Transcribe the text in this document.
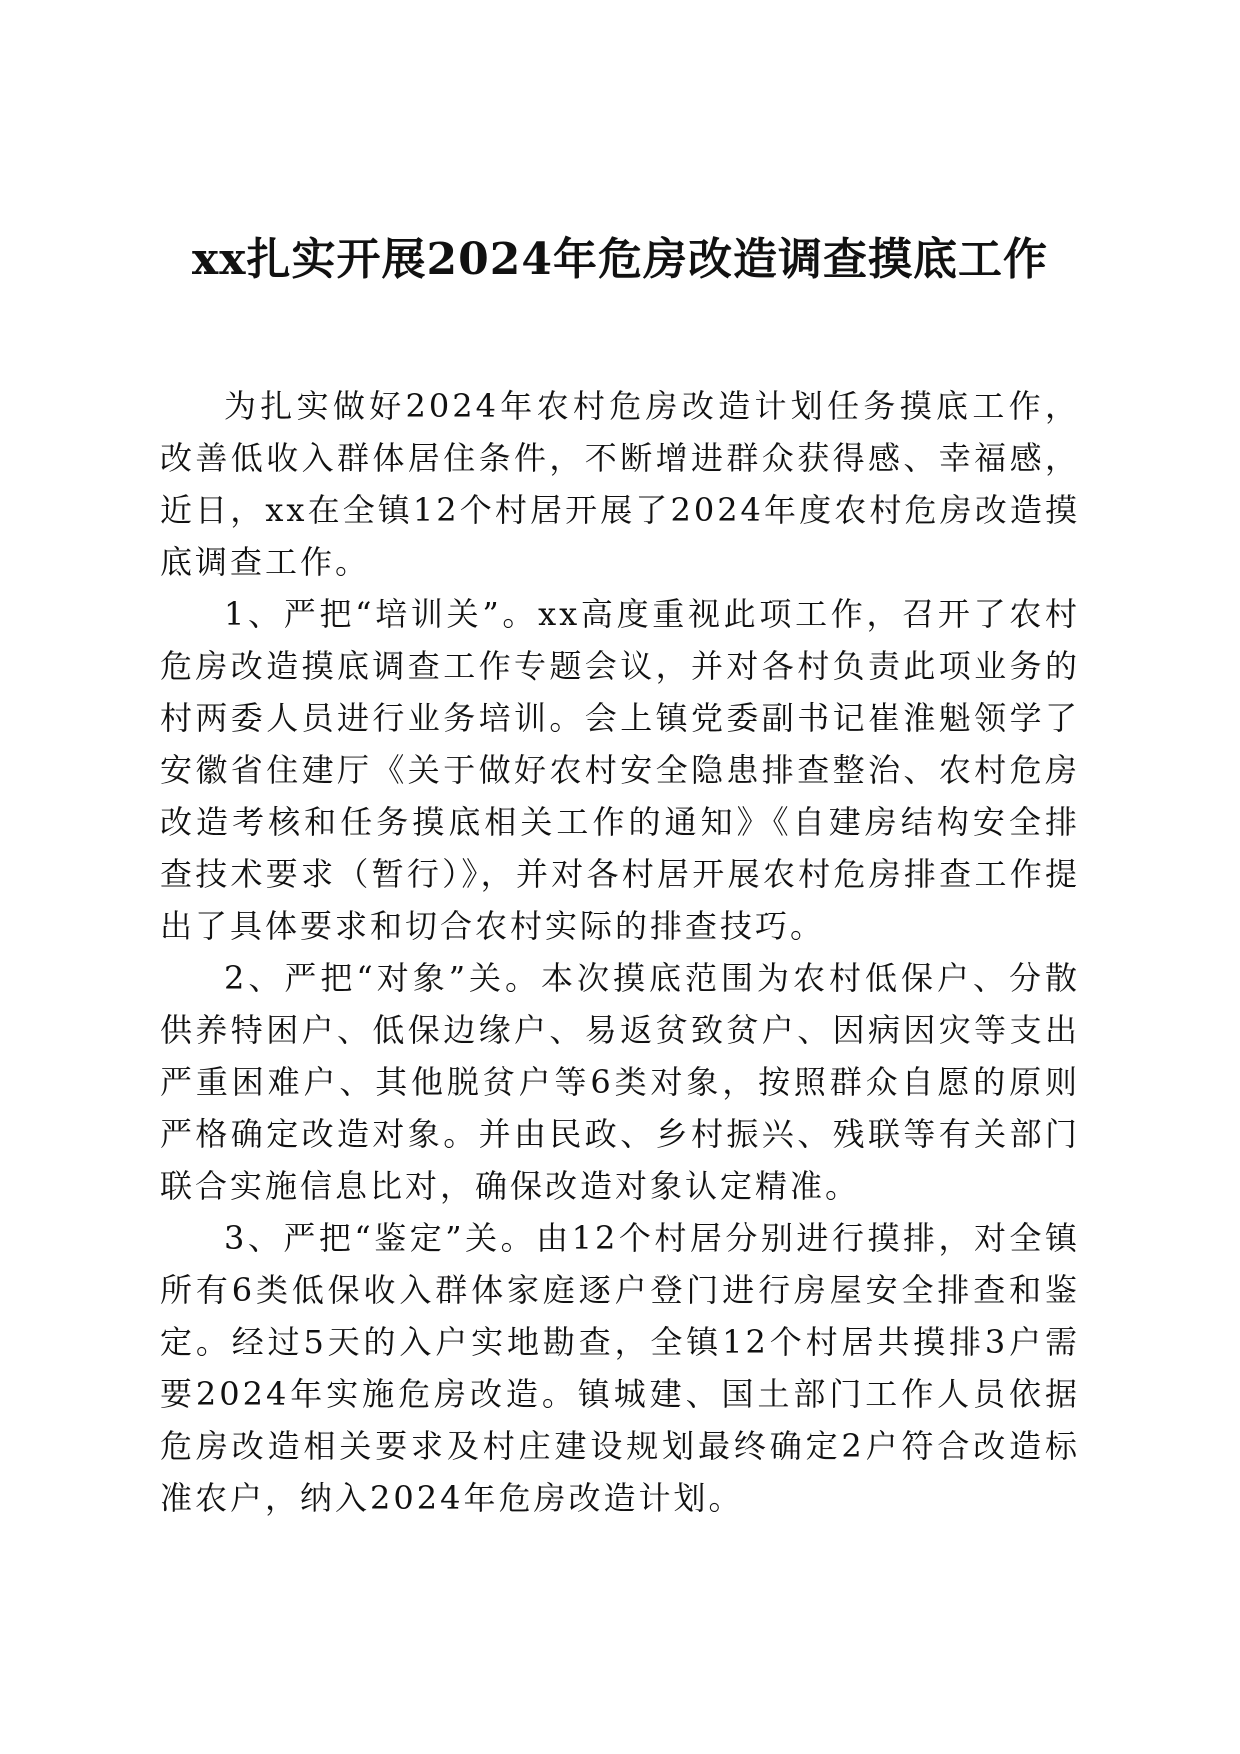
xx扎实开展2024年危房改造调查摸底工作

为扎实做好2024年农村危房改造计划任务摸底工作，改善低收入群体居住条件，不断增进群众获得感、幸福感，近日，xx在全镇12个村居开展了2024年度农村危房改造摸底调查工作。

1、严把“培训关”。xx高度重视此项工作，召开了农村危房改造摸底调查工作专题会议，并对各村负责此项业务的村两委人员进行业务培训。会上镇党委副书记崔淮魁领学了安徽省住建厅《关于做好农村安全隐患排查整治、农村危房改造考核和任务摸底相关工作的通知》《自建房结构安全排查技术要求（暂行）》，并对各村居开展农村危房排查工作提出了具体要求和切合农村实际的排查技巧。

2、严把“对象”关。本次摸底范围为农村低保户、分散供养特困户、低保边缘户、易返贫致贫户、因病因灾等支出严重困难户、其他脱贫户等6类对象，按照群众自愿的原则严格确定改造对象。并由民政、乡村振兴、残联等有关部门联合实施信息比对，确保改造对象认定精准。

3、严把“鉴定”关。由12个村居分别进行摸排，对全镇所有6类低保收入群体家庭逐户登门进行房屋安全排查和鉴定。经过5天的入户实地勘查，全镇12个村居共摸排3户需要2024年实施危房改造。镇城建、国土部门工作人员依据危房改造相关要求及村庄建设规划最终确定2户符合改造标准农户，纳入2024年危房改造计划。
